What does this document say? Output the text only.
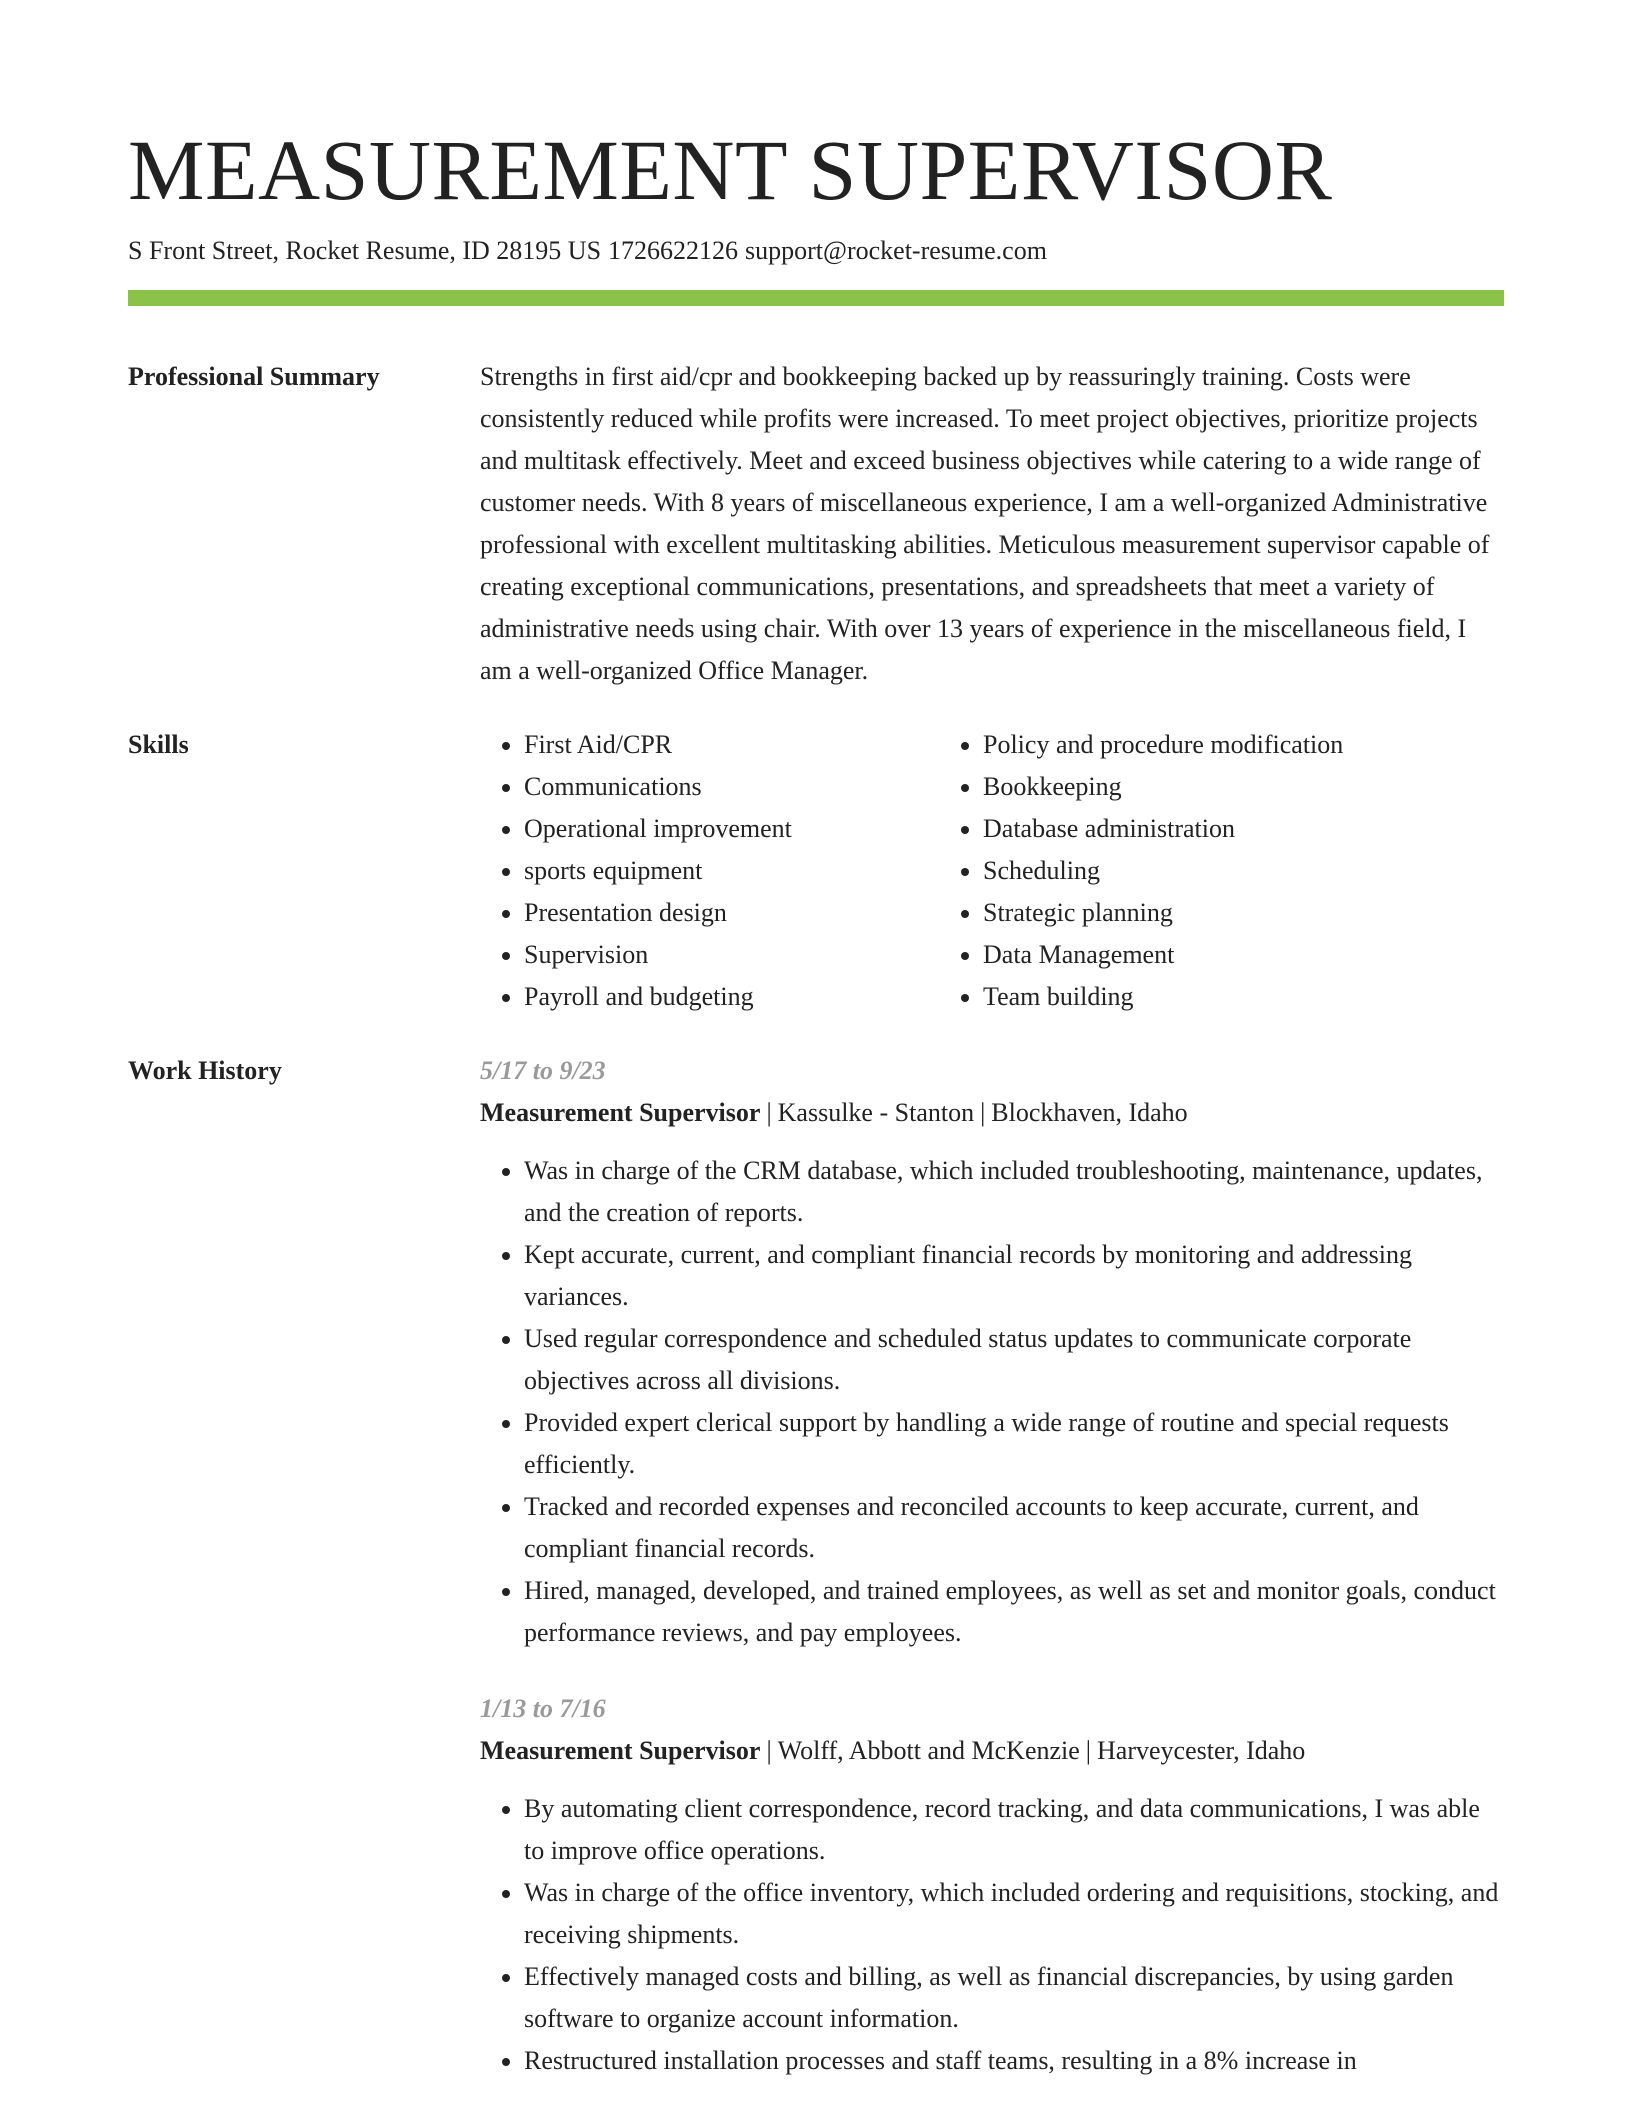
MEASUREMENT SUPERVISOR
S Front Street, Rocket Resume, ID 28195 US 1726622126 support@rocket-resume.com
Professional Summary	Strengths in first aid/cpr and bookkeeping backed up by reassuringly training. Costs were consistently reduced while profits were increased. To meet project objectives, prioritize projects and multitask effectively. Meet and exceed business objectives while catering to a wide range of customer needs. With 8 years of miscellaneous experience, I am a well-organized Administrative professional with excellent multitasking abilities. Meticulous measurement supervisor capable of creating exceptional communications, presentations, and spreadsheets that meet a variety of administrative needs using chair. With over 13 years of experience in the miscellaneous field, I am a well-organized Office Manager.

Skills
•	First Aid/CPR
• Communications
• Operational improvement
• sports equipment
• Presentation design
• Supervision
• Payroll and budgeting
• Policy and procedure modification
• Bookkeeping
• Database administration
• Scheduling
• Strategic planning
• Data Management
• Team building
Work History	5/17 to 9/23
Measurement Supervisor | Kassulke - Stanton | Blockhaven, Idaho
• Was in charge of the CRM database, which included troubleshooting, maintenance, updates, and the creation of reports.
• Kept accurate, current, and compliant financial records by monitoring and addressing variances.
• Used regular correspondence and scheduled status updates to communicate corporate objectives across all divisions.
• Provided expert clerical support by handling a wide range of routine and special requests efficiently.
• Tracked and recorded expenses and reconciled accounts to keep accurate, current, and compliant financial records.
• Hired, managed, developed, and trained employees, as well as set and monitor goals, conduct performance reviews, and pay employees.
1/13 to 7/16
Measurement Supervisor | Wolff, Abbott and McKenzie | Harveycester, Idaho
• By automating client correspondence, record tracking, and data communications, I was able to improve office operations.
• Was in charge of the office inventory, which included ordering and requisitions, stocking, and receiving shipments.
• Effectively managed costs and billing, as well as financial discrepancies, by using garden software to organize account information.
• Restructured installation processes and staff teams, resulting in a 8% increase in
